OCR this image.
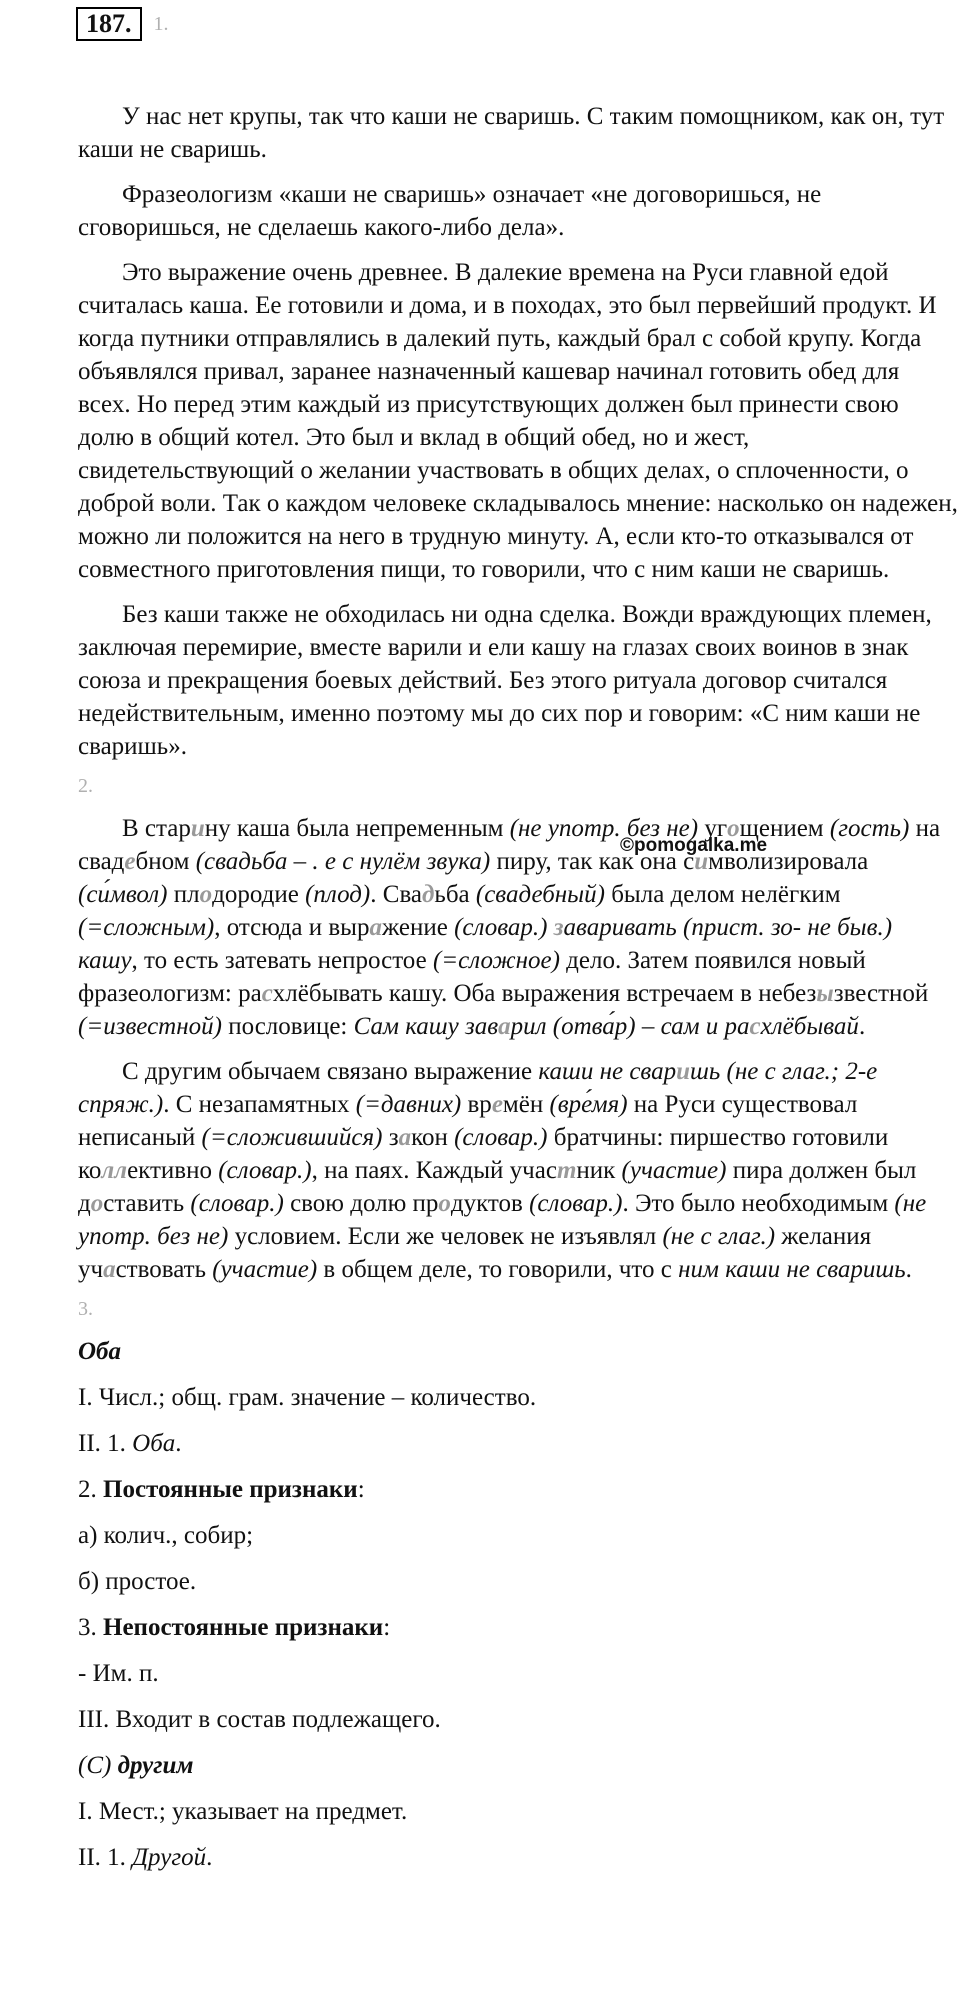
187.	1.

У нас нет крупы, так что каши не сваришь. С таким помощником, как он, тут каши не сваришь.

Фразеологизм «каши не сваришь» означает «не договоришься, не сговоришься, не сделаешь какого-либо дела».

Это выражение очень древнее. В далекие времена на Руси главной едой считалась каша. Ее готовили и дома, и в походах, это был первейший продукт. И когда путники отправлялись в далекий путь, каждый брал с собой крупу. Когда объявлялся привал, заранее назначенный кашевар начинал готовить обед для всех. Но перед этим каждый из присутствующих должен был принести свою долю в общий котел. Это был и вклад в общий обед, но и жест, свидетельствующий о желании участвовать в общих делах, о сплоченности, о доброй воли. Так о каждом человеке складывалось мнение: насколько он надежен, можно ли положится на него в трудную минуту. А, если кто-то отказывался от совместного приготовления пищи, то говорили, что с ним каши не сваришь.

Без каши также не обходилась ни одна сделка. Вожди враждующих племен, заключая перемирие, вместе варили и ели кашу на глазах своих воинов в знак союза и прекращения боевых действий. Без этого ритуала договор считался недействительным, именно поэтому мы до сих пор и говорим: «С ним каши не сваришь».

2.

В старину каша была непременным (не употр. без не) угощением (гость) на свадебном (свадьба – . е с нулём звука) пиру, так как она символизировала (си́мвол) плодородие (плод). Свадьба (свадебный) была делом нелёгким (=сложным), отсюда и выражение (словар.) заваривать (прист. зо- не быв.) кашу, то есть затевать непростое (=сложное) дело. Затем появился новый фразеологизм: расхлёбывать кашу. Оба выражения встречаем в небезызвестной (=известной) пословице: Сам кашу заварил (отва́р) – сам и расхлёбывай.

С другим обычаем связано выражение каши не сваришь (не с глаг.; 2-е спряж.). С незапамятных (=давних) времён (вре́мя) на Руси существовал неписаный (=сложившийся) закон (словар.) братчины: пиршество готовили коллективно (словар.), на паях. Каждый участник (участие) пира должен был доставить (словар.) свою долю продуктов (словар.). Это было необходимым (не употр. без не) условием. Если же человек не изъявлял (не с глаг.) желания участвовать (участие) в общем деле, то говорили, что с ним каши не сваришь.

3.
Оба
I. Числ.; общ. грам. значение – количество.
II. 1. Оба.
2. Постоянные признаки:
а) колич., собир;
б) простое.
3. Непостоянные признаки:
- Им. п.
III. Входит в состав подлежащего.
(С) другим
I. Мест.; указывает на предмет.
II. 1. Другой.
©pomogalka.me
